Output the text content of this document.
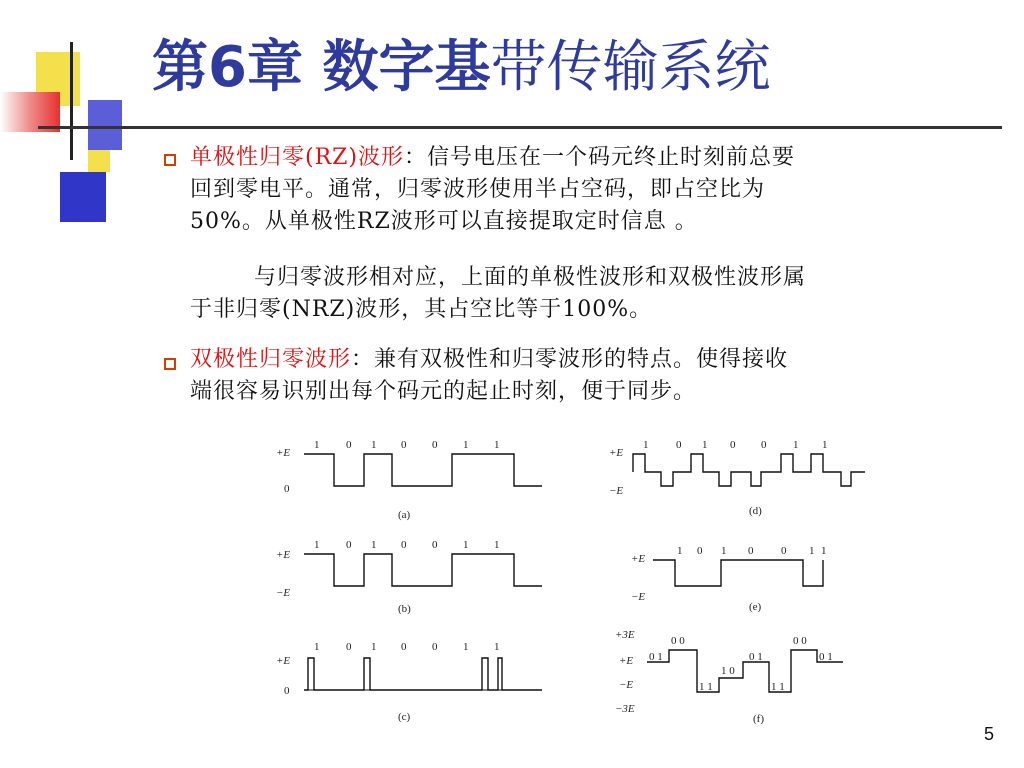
第6章 数字基带传输系统
单极性归零(RZ)波形：信号电压在一个码元终止时刻前总要
回到零电平。通常，归零波形使用半占空码，即占空比为
50%。从单极性RZ波形可以直接提取定时信息 。
与归零波形相对应，上面的单极性波形和双极性波形属
于非归零(NRZ)波形，其占空比等于100%。
双极性归零波形：兼有双极性和归零波形的特点。使得接收
端很容易识别出每个码元的起止时刻，便于同步。
1 0 1 0 0 1 1
+E
0
(a)
1	0 1 0 0 1 1
+E
−E
(d)
1 0 1 0 0 1 1
+E
−E
(b)
1 0 1 0	0 1 1
+E
−E
(e)
1 0 1 0 0 1 1
+E
0
(c)
+3E
+E
−E
−3E
0 1
0 0
1 0
1 1
0 1
1 1
0 0
0 1
(f)
5
